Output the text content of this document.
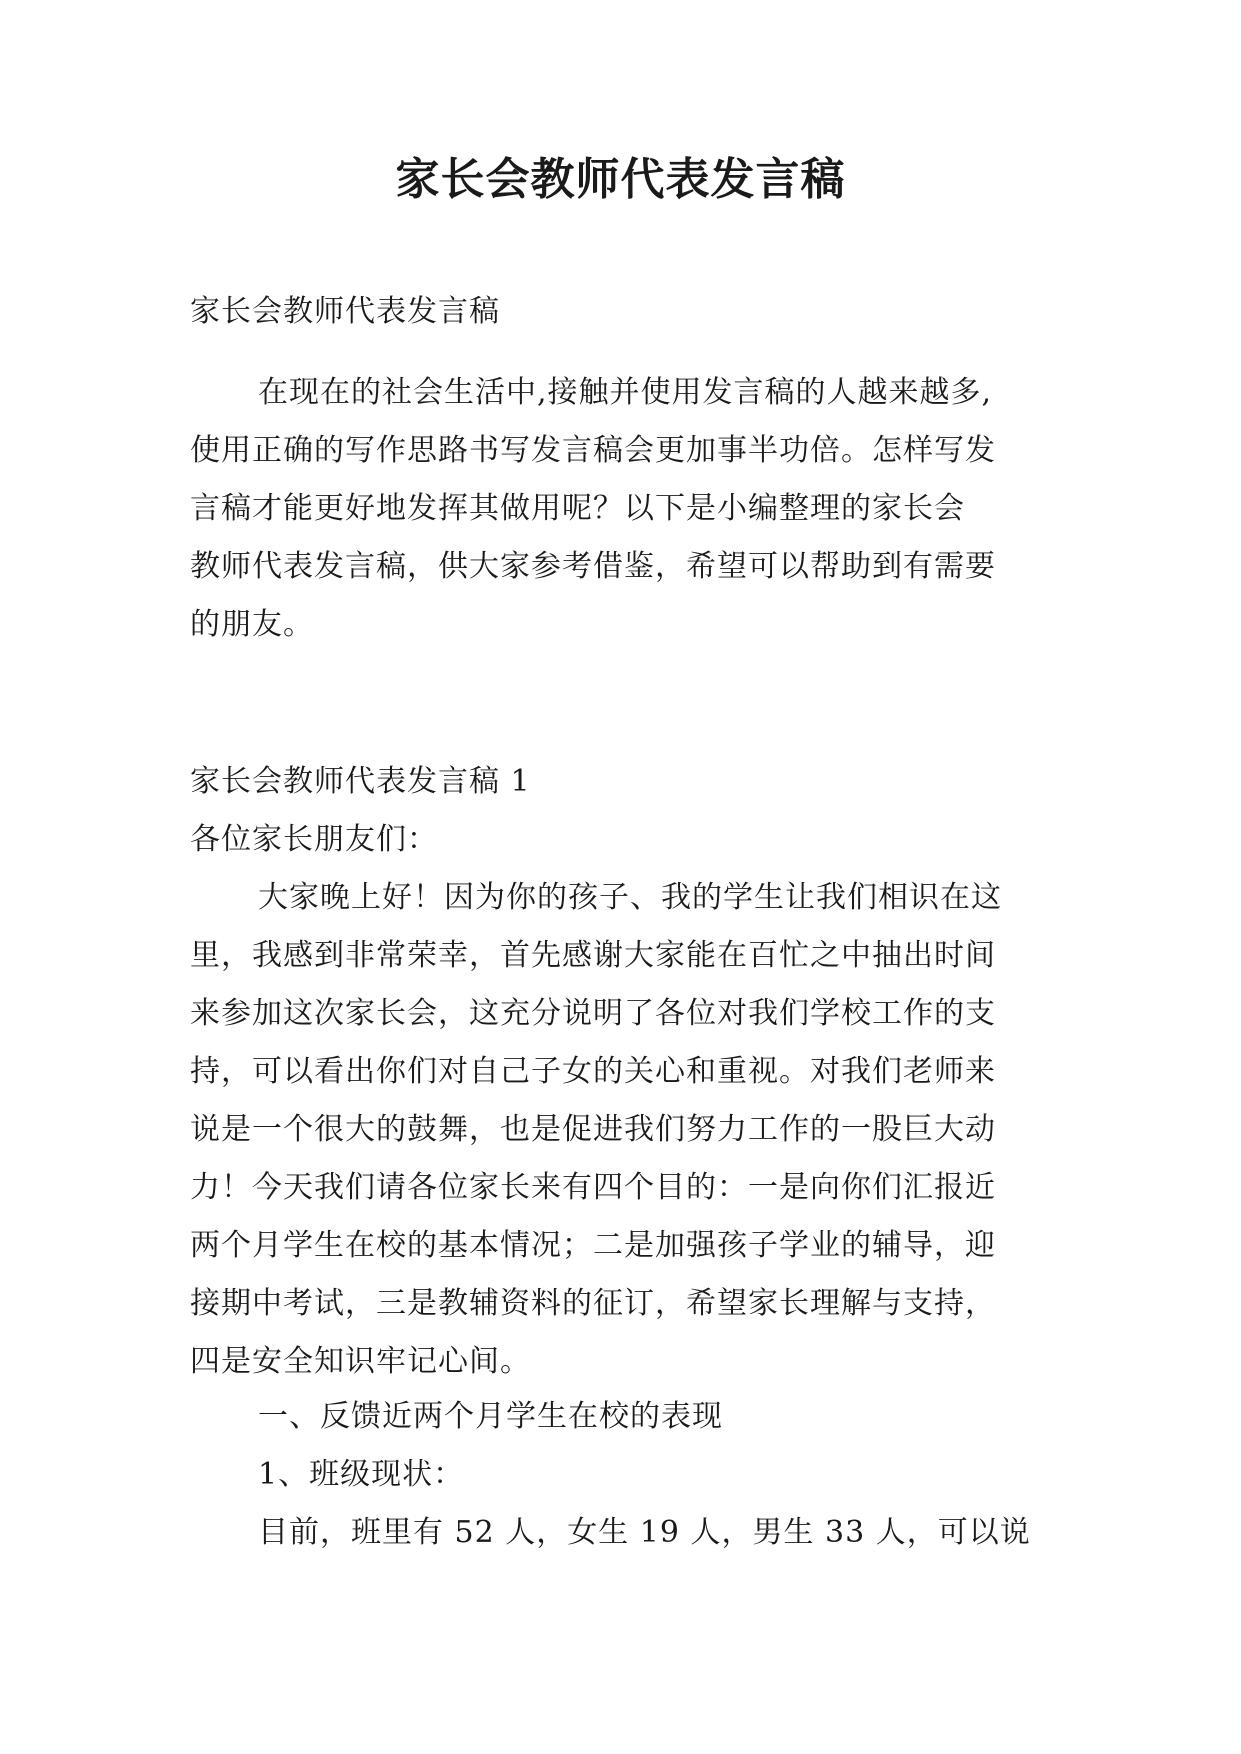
家长会教师代表发言稿
家长会教师代表发言稿
在现在的社会生活中,接触并使用发言稿的人越来越多,
使用正确的写作思路书写发言稿会更加事半功倍。怎样写发
言稿才能更好地发挥其做用呢？以下是小编整理的家长会
教师代表发言稿，供大家参考借鉴，希望可以帮助到有需要
的朋友。
家长会教师代表发言稿 1
各位家长朋友们：
大家晚上好！因为你的孩子、我的学生让我们相识在这
里，我感到非常荣幸，首先感谢大家能在百忙之中抽出时间
来参加这次家长会，这充分说明了各位对我们学校工作的支
持，可以看出你们对自己子女的关心和重视。对我们老师来
说是一个很大的鼓舞，也是促进我们努力工作的一股巨大动
力！今天我们请各位家长来有四个目的：一是向你们汇报近
两个月学生在校的基本情况；二是加强孩子学业的辅导，迎
接期中考试，三是教辅资料的征订，希望家长理解与支持，
四是安全知识牢记心间。
一、反馈近两个月学生在校的表现
1、班级现状：
目前，班里有 52 人，女生 19 人，男生 33 人，可以说
